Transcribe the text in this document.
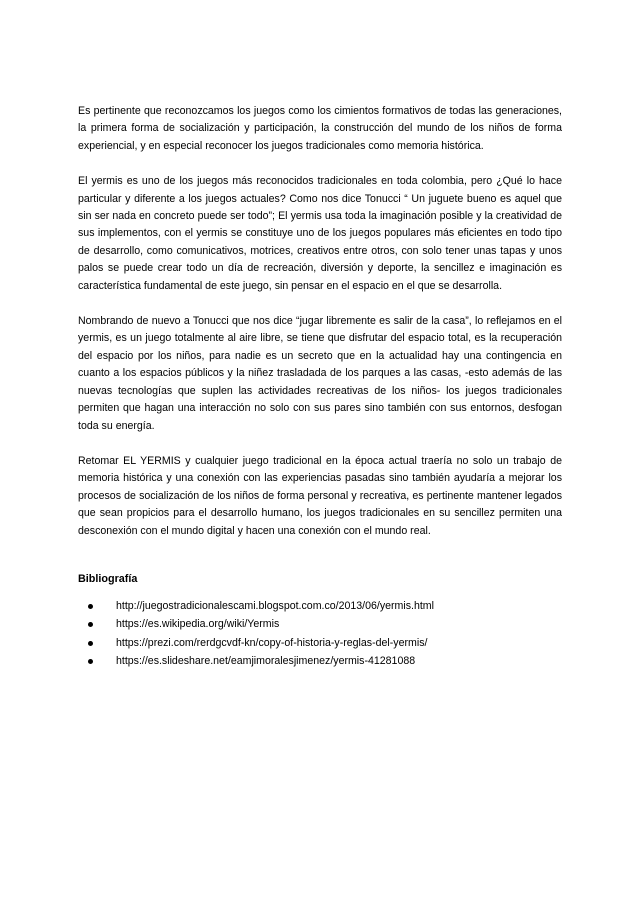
Es pertinente que reconozcamos los juegos como los cimientos formativos de todas las generaciones, la primera forma de socialización y participación, la construcción del mundo de los niños de forma experiencial, y en especial reconocer los juegos tradicionales como memoria histórica.

El yermis es uno de los juegos más reconocidos tradicionales en toda colombia, pero ¿Qué lo hace particular y diferente a los juegos actuales? Como nos dice Tonucci “ Un juguete bueno es aquel que sin ser nada en concreto puede ser todo”; El yermis usa toda la imaginación posible y la creatividad de sus implementos, con el yermis se constituye uno de los juegos populares más eficientes en todo tipo de desarrollo, como comunicativos, motrices, creativos entre otros, con solo tener unas tapas y unos palos se puede crear todo un día de recreación, diversión y deporte, la sencillez e imaginación es característica fundamental de este juego, sin pensar en el espacio en el que se desarrolla.

Nombrando de nuevo a Tonucci que nos dice “jugar libremente es salir de la casa”, lo reflejamos en el yermis, es un juego totalmente al aire libre, se tiene que disfrutar del espacio total, es la recuperación del espacio por los niños, para nadie es un secreto que en la actualidad hay una contingencia en cuanto a los espacios públicos y la niñez trasladada de los parques a las casas, -esto además de las nuevas tecnologías que suplen las actividades recreativas de los niños- los juegos tradicionales permiten que hagan una interacción no solo con sus pares sino también con sus entornos, desfogan toda su energía.

Retomar EL YERMIS y cualquier juego tradicional en la época actual traería no solo un trabajo de memoria histórica y una conexión con las experiencias pasadas sino también ayudaría a mejorar los procesos de socialización de los niños de forma personal y recreativa, es pertinente mantener legados que sean propicios para el desarrollo humano, los juegos tradicionales en su sencillez permiten una desconexión con el mundo digital y hacen una conexión con el mundo real.

Bibliografía
http://juegostradicionalescami.blogspot.com.co/2013/06/yermis.html
https://es.wikipedia.org/wiki/Yermis
https://prezi.com/rerdgcvdf-kn/copy-of-historia-y-reglas-del-yermis/
https://es.slideshare.net/eamjimoralesjimenez/yermis-41281088
